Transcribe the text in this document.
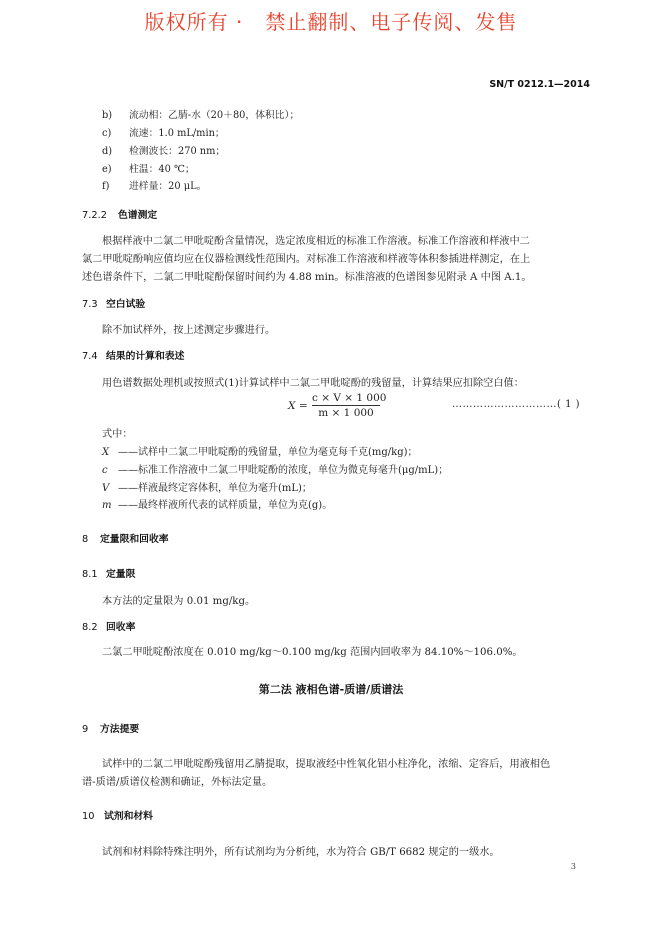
版权所有 ·   禁止翻制、电子传阅、发售
SN/T 0212.1—2014
b) 流动相：乙腈-水（20＋80，体积比）；
c) 流速：1.0 mL/min；
d) 检测波长：270 nm；
e) 柱温：40 ℃；
f) 进样量：20 μL。
7.2.2 色谱测定
根据样液中二氯二甲吡啶酚含量情况，选定浓度相近的标准工作溶液。标准工作溶液和样液中二
氯二甲吡啶酚响应值均应在仪器检测线性范围内。对标准工作溶液和样液等体积参插进样测定，在上
述色谱条件下，二氯二甲吡啶酚保留时间约为 4.88 min。标准溶液的色谱图参见附录 A 中图 A.1。
7.3 空白试验
除不加试样外，按上述测定步骤进行。
7.4 结果的计算和表述
用色谱数据处理机或按照式(1)计算试样中二氯二甲吡啶酚的残留量，计算结果应扣除空白值：
$X = \frac{c \times V \times 1 000}{m \times 1 000}$	…………………………( 1 )
式中：
X ——试样中二氯二甲吡啶酚的残留量，单位为毫克每千克(mg/kg)；
c ——标准工作溶液中二氯二甲吡啶酚的浓度，单位为微克每毫升(μg/mL)；
V ——样液最终定容体积，单位为毫升(mL)；
m ——最终样液所代表的试样质量，单位为克(g)。
8 定量限和回收率
8.1 定量限
本方法的定量限为 0.01 mg/kg。
8.2 回收率
二氯二甲吡啶酚浓度在 0.010 mg/kg～0.100 mg/kg 范围内回收率为 84.10%～106.0%。
第二法 液相色谱-质谱/质谱法
9 方法提要
试样中的二氯二甲吡啶酚残留用乙腈提取，提取液经中性氧化铝小柱净化，浓缩、定容后，用液相色
谱-质谱/质谱仪检测和确证，外标法定量。
10 试剂和材料
试剂和材料除特殊注明外，所有试剂均为分析纯，水为符合 GB/T 6682 规定的一级水。
3
